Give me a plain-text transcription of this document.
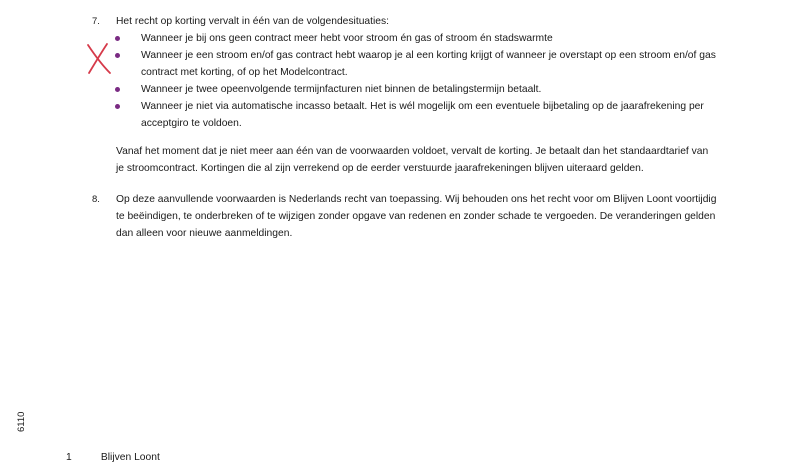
7. Het recht op korting vervalt in één van de volgendesituaties:
Wanneer je bij ons geen contract meer hebt voor stroom én gas of stroom én stadswarmte
Wanneer je een stroom en/of gas contract hebt waarop je al een korting krijgt of wanneer je overstapt op een stroom en/of gas contract met korting, of op het Modelcontract.
Wanneer je twee opeenvolgende termijnfacturen niet binnen de betalingstermijn betaalt.
Wanneer je niet via automatische incasso betaalt. Het is wél mogelijk om een eventuele bijbetaling op de jaarafrekening per acceptgiro te voldoen.
Vanaf het moment dat je niet meer aan één van de voorwaarden voldoet, vervalt de korting. Je betaalt dan het standaardtarief van je stroomcontract. Kortingen die al zijn verrekend op de eerder verstuurde jaarafrekeningen blijven uiteraard gelden.
8. Op deze aanvullende voorwaarden is Nederlands recht van toepassing. Wij behouden ons het recht voor om Blijven Loont voortijdig te beëindigen, te onderbreken of te wijzigen zonder opgave van redenen en zonder schade te vergoeden. De veranderingen gelden dan alleen voor nieuwe aanmeldingen.
6110
1	Blijven Loont
